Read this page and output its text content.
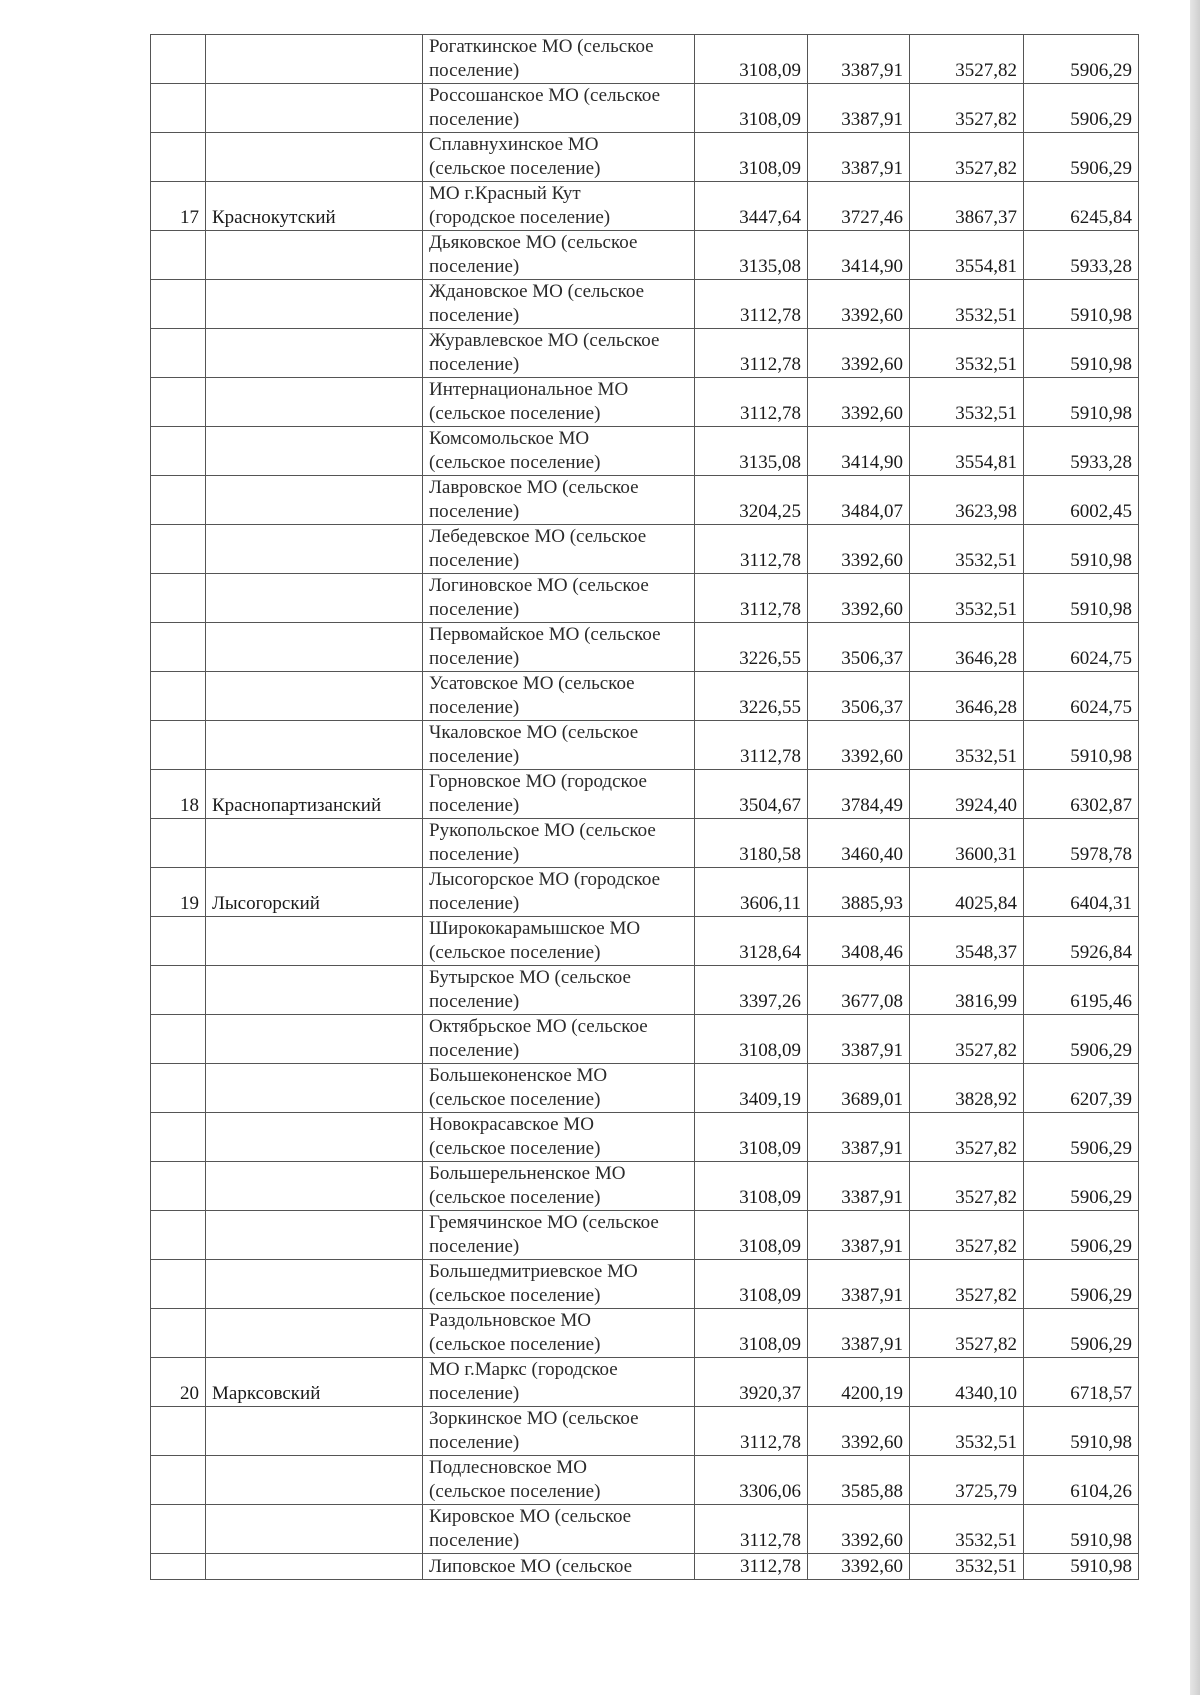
		Рогаткинское МО (сельское
поселение)	3108,09	3387,91	3527,82	5906,29
		Россошанское МО (сельское
поселение)	3108,09	3387,91	3527,82	5906,29
		Сплавнухинское МО
(сельское поселение)	3108,09	3387,91	3527,82	5906,29
17	Краснокутский	МО г.Красный Кут
(городское поселение)	3447,64	3727,46	3867,37	6245,84
		Дьяковское МО (сельское
поселение)	3135,08	3414,90	3554,81	5933,28
		Ждановское МО (сельское
поселение)	3112,78	3392,60	3532,51	5910,98
		Журавлевское МО (сельское
поселение)	3112,78	3392,60	3532,51	5910,98
		Интернациональное МО
(сельское поселение)	3112,78	3392,60	3532,51	5910,98
		Комсомольское МО
(сельское поселение)	3135,08	3414,90	3554,81	5933,28
		Лавровское МО (сельское
поселение)	3204,25	3484,07	3623,98	6002,45
		Лебедевское МО (сельское
поселение)	3112,78	3392,60	3532,51	5910,98
		Логиновское МО (сельское
поселение)	3112,78	3392,60	3532,51	5910,98
		Первомайское МО (сельское
поселение)	3226,55	3506,37	3646,28	6024,75
		Усатовское МО (сельское
поселение)	3226,55	3506,37	3646,28	6024,75
		Чкаловское МО (сельское
поселение)	3112,78	3392,60	3532,51	5910,98
18	Краснопартизанский	Горновское МО (городское
поселение)	3504,67	3784,49	3924,40	6302,87
		Рукопольское МО (сельское
поселение)	3180,58	3460,40	3600,31	5978,78
19	Лысогорский	Лысогорское МО (городское
поселение)	3606,11	3885,93	4025,84	6404,31
		Ширококарамышское МО
(сельское поселение)	3128,64	3408,46	3548,37	5926,84
		Бутырское МО (сельское
поселение)	3397,26	3677,08	3816,99	6195,46
		Октябрьское МО (сельское
поселение)	3108,09	3387,91	3527,82	5906,29
		Большеконенское МО
(сельское поселение)	3409,19	3689,01	3828,92	6207,39
		Новокрасавское МО
(сельское поселение)	3108,09	3387,91	3527,82	5906,29
		Большерельненское МО
(сельское поселение)	3108,09	3387,91	3527,82	5906,29
		Гремячинское МО (сельское
поселение)	3108,09	3387,91	3527,82	5906,29
		Большедмитриевское МО
(сельское поселение)	3108,09	3387,91	3527,82	5906,29
		Раздольновское МО
(сельское поселение)	3108,09	3387,91	3527,82	5906,29
20	Марксовский	МО г.Маркс (городское
поселение)	3920,37	4200,19	4340,10	6718,57
		Зоркинское МО (сельское
поселение)	3112,78	3392,60	3532,51	5910,98
		Подлесновское МО
(сельское поселение)	3306,06	3585,88	3725,79	6104,26
		Кировское МО (сельское
поселение)	3112,78	3392,60	3532,51	5910,98
		Липовское МО (сельское	3112,78	3392,60	3532,51	5910,98
